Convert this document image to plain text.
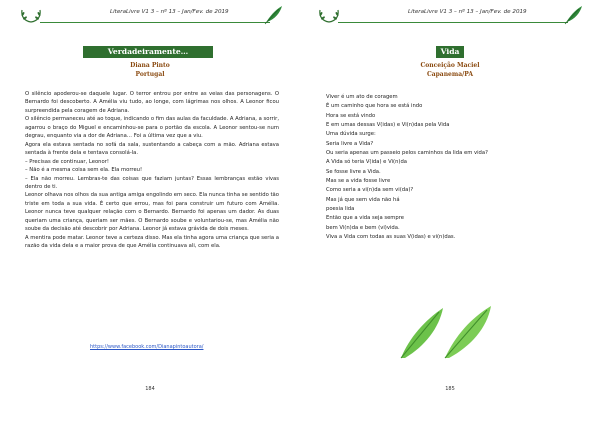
LiteraLivre V1 3 – nº 13 – Jan/Fev. de 2019
Verdadeiramente…
Diana Pinto
Portugal

O silêncio apoderou-se daquele lugar. O terror entrou por entre as veias das personagens. O Bernardo foi descoberto. A Amélia viu tudo, ao longe, com lágrimas nos olhos. A Leonor ficou surpreendida pela coragem de Adriana.

O silêncio permaneceu até ao toque, indicando o fim das aulas da faculdade. A Adriana, a sorrir, agarrou o braço do Miguel e encaminhou-se para o portão da escola. A Leonor sentou-se num degrau, enquanto via a dor de Adriana… Foi a última vez que a viu.

Agora ela estava sentada no sofá da sala, sustentando a cabeça com a mão. Adriana estava sentada à frente dela e tentava consolá-la.

– Precisas de continuar, Leonor!

– Não é a mesma coisa sem ela. Ela morreu!

– Ela não morreu. Lembras-te das coisas que faziam juntas? Essas lembranças estão vivas dentro de ti.

Leonor olhava nos olhos da sua antiga amiga engolindo em seco. Ela nunca tinha se sentido tão triste em toda a sua vida. É certo que errou, mas foi para construir um futuro com Amélia. Leonor nunca teve qualquer relação com o Bernardo. Bernardo foi apenas um dador. As duas queriam uma criança, queriam ser mães. O Bernardo soube e voluntariou-se, mas Amélia não soube da decisão até descobrir por Adriana. Leonor já estava grávida de dois meses.

A mentira pode matar. Leonor teve a certeza disso. Mas ela tinha agora uma criança que seria a razão da vida dela e a maior prova de que Amélia continuava ali, com ela.

https://www.facebook.com/Dianapintoautora/
184
LiteraLivre V1 3 – nº 13 – Jan/Fev. de 2019
Vida
Conceição Maciel
Capanema/PA
Viver é um ato de coragem
É um caminho que hora se está indo
Hora se está vindo
E em umas dessas V(idas) e Vi(n)das pela Vida
Uma dúvida surge:
Seria livre a Vida?
Ou seria apenas um passeio pelos caminhos da lida em vida?
A Vida só teria V(ida) e Vi(n)da
Se fosse livre a Vida.
Mas se a vida fosse livre
Como seria a vi(n)da sem vi(da)?
Mas já que sem vida não há
poesia lida
Então que a vida seja sempre
bem Vi(n)da e bem (vi)vida.
Viva a Vida com todas as suas V(idas) e vi(n)das.
185
